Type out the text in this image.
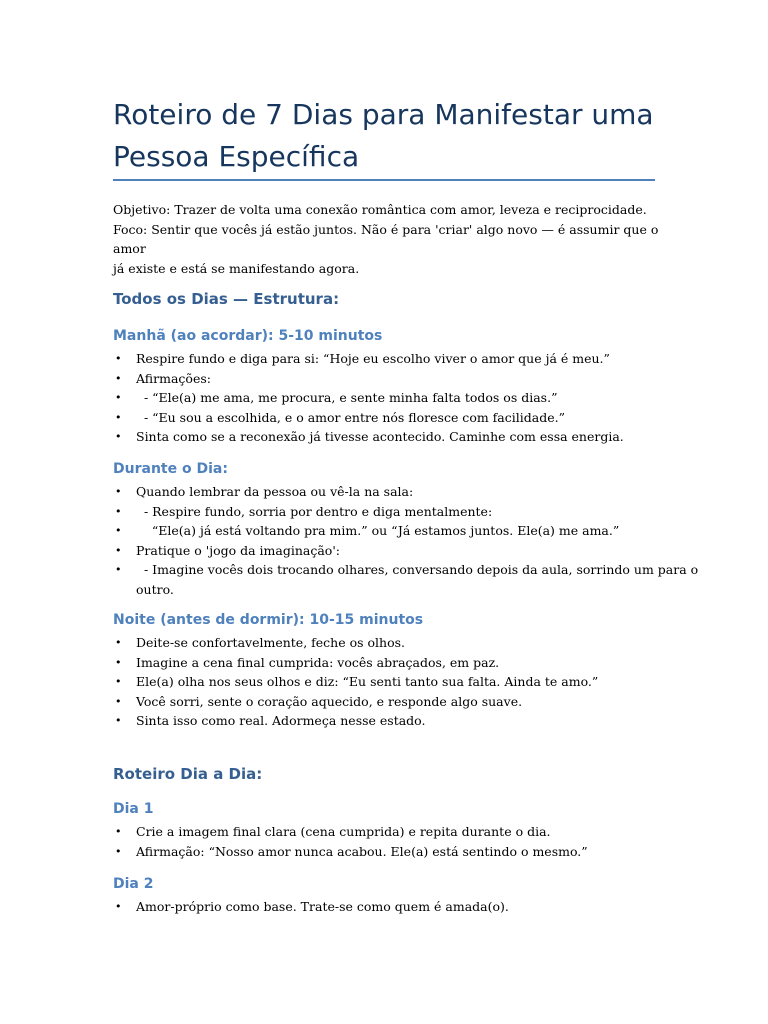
Roteiro de 7 Dias para Manifestar uma
Pessoa Específica
Objetivo: Trazer de volta uma conexão romântica com amor, leveza e reciprocidade.
Foco: Sentir que vocês já estão juntos. Não é para 'criar' algo novo — é assumir que o amor
já existe e está se manifestando agora.
Todos os Dias — Estrutura:
Manhã (ao acordar): 5-10 minutos
• Respire fundo e diga para si: “Hoje eu escolho viver o amor que já é meu.”
• Afirmações:
• - “Ele(a) me ama, me procura, e sente minha falta todos os dias.”
• - “Eu sou a escolhida, e o amor entre nós floresce com facilidade.”
• Sinta como se a reconexão já tivesse acontecido. Caminhe com essa energia.
Durante o Dia:
• Quando lembrar da pessoa ou vê-la na sala:
• - Respire fundo, sorria por dentro e diga mentalmente:
• “Ele(a) já está voltando pra mim.” ou “Já estamos juntos. Ele(a) me ama.”
• Pratique o 'jogo da imaginação':
• - Imagine vocês dois trocando olhares, conversando depois da aula, sorrindo um para o
outro.
Noite (antes de dormir): 10-15 minutos
• Deite-se confortavelmente, feche os olhos.
• Imagine a cena final cumprida: vocês abraçados, em paz.
• Ele(a) olha nos seus olhos e diz: “Eu senti tanto sua falta. Ainda te amo.”
• Você sorri, sente o coração aquecido, e responde algo suave.
• Sinta isso como real. Adormeça nesse estado.
Roteiro Dia a Dia:
Dia 1
• Crie a imagem final clara (cena cumprida) e repita durante o dia.
• Afirmação: “Nosso amor nunca acabou. Ele(a) está sentindo o mesmo.”
Dia 2
• Amor-próprio como base. Trate-se como quem é amada(o).
